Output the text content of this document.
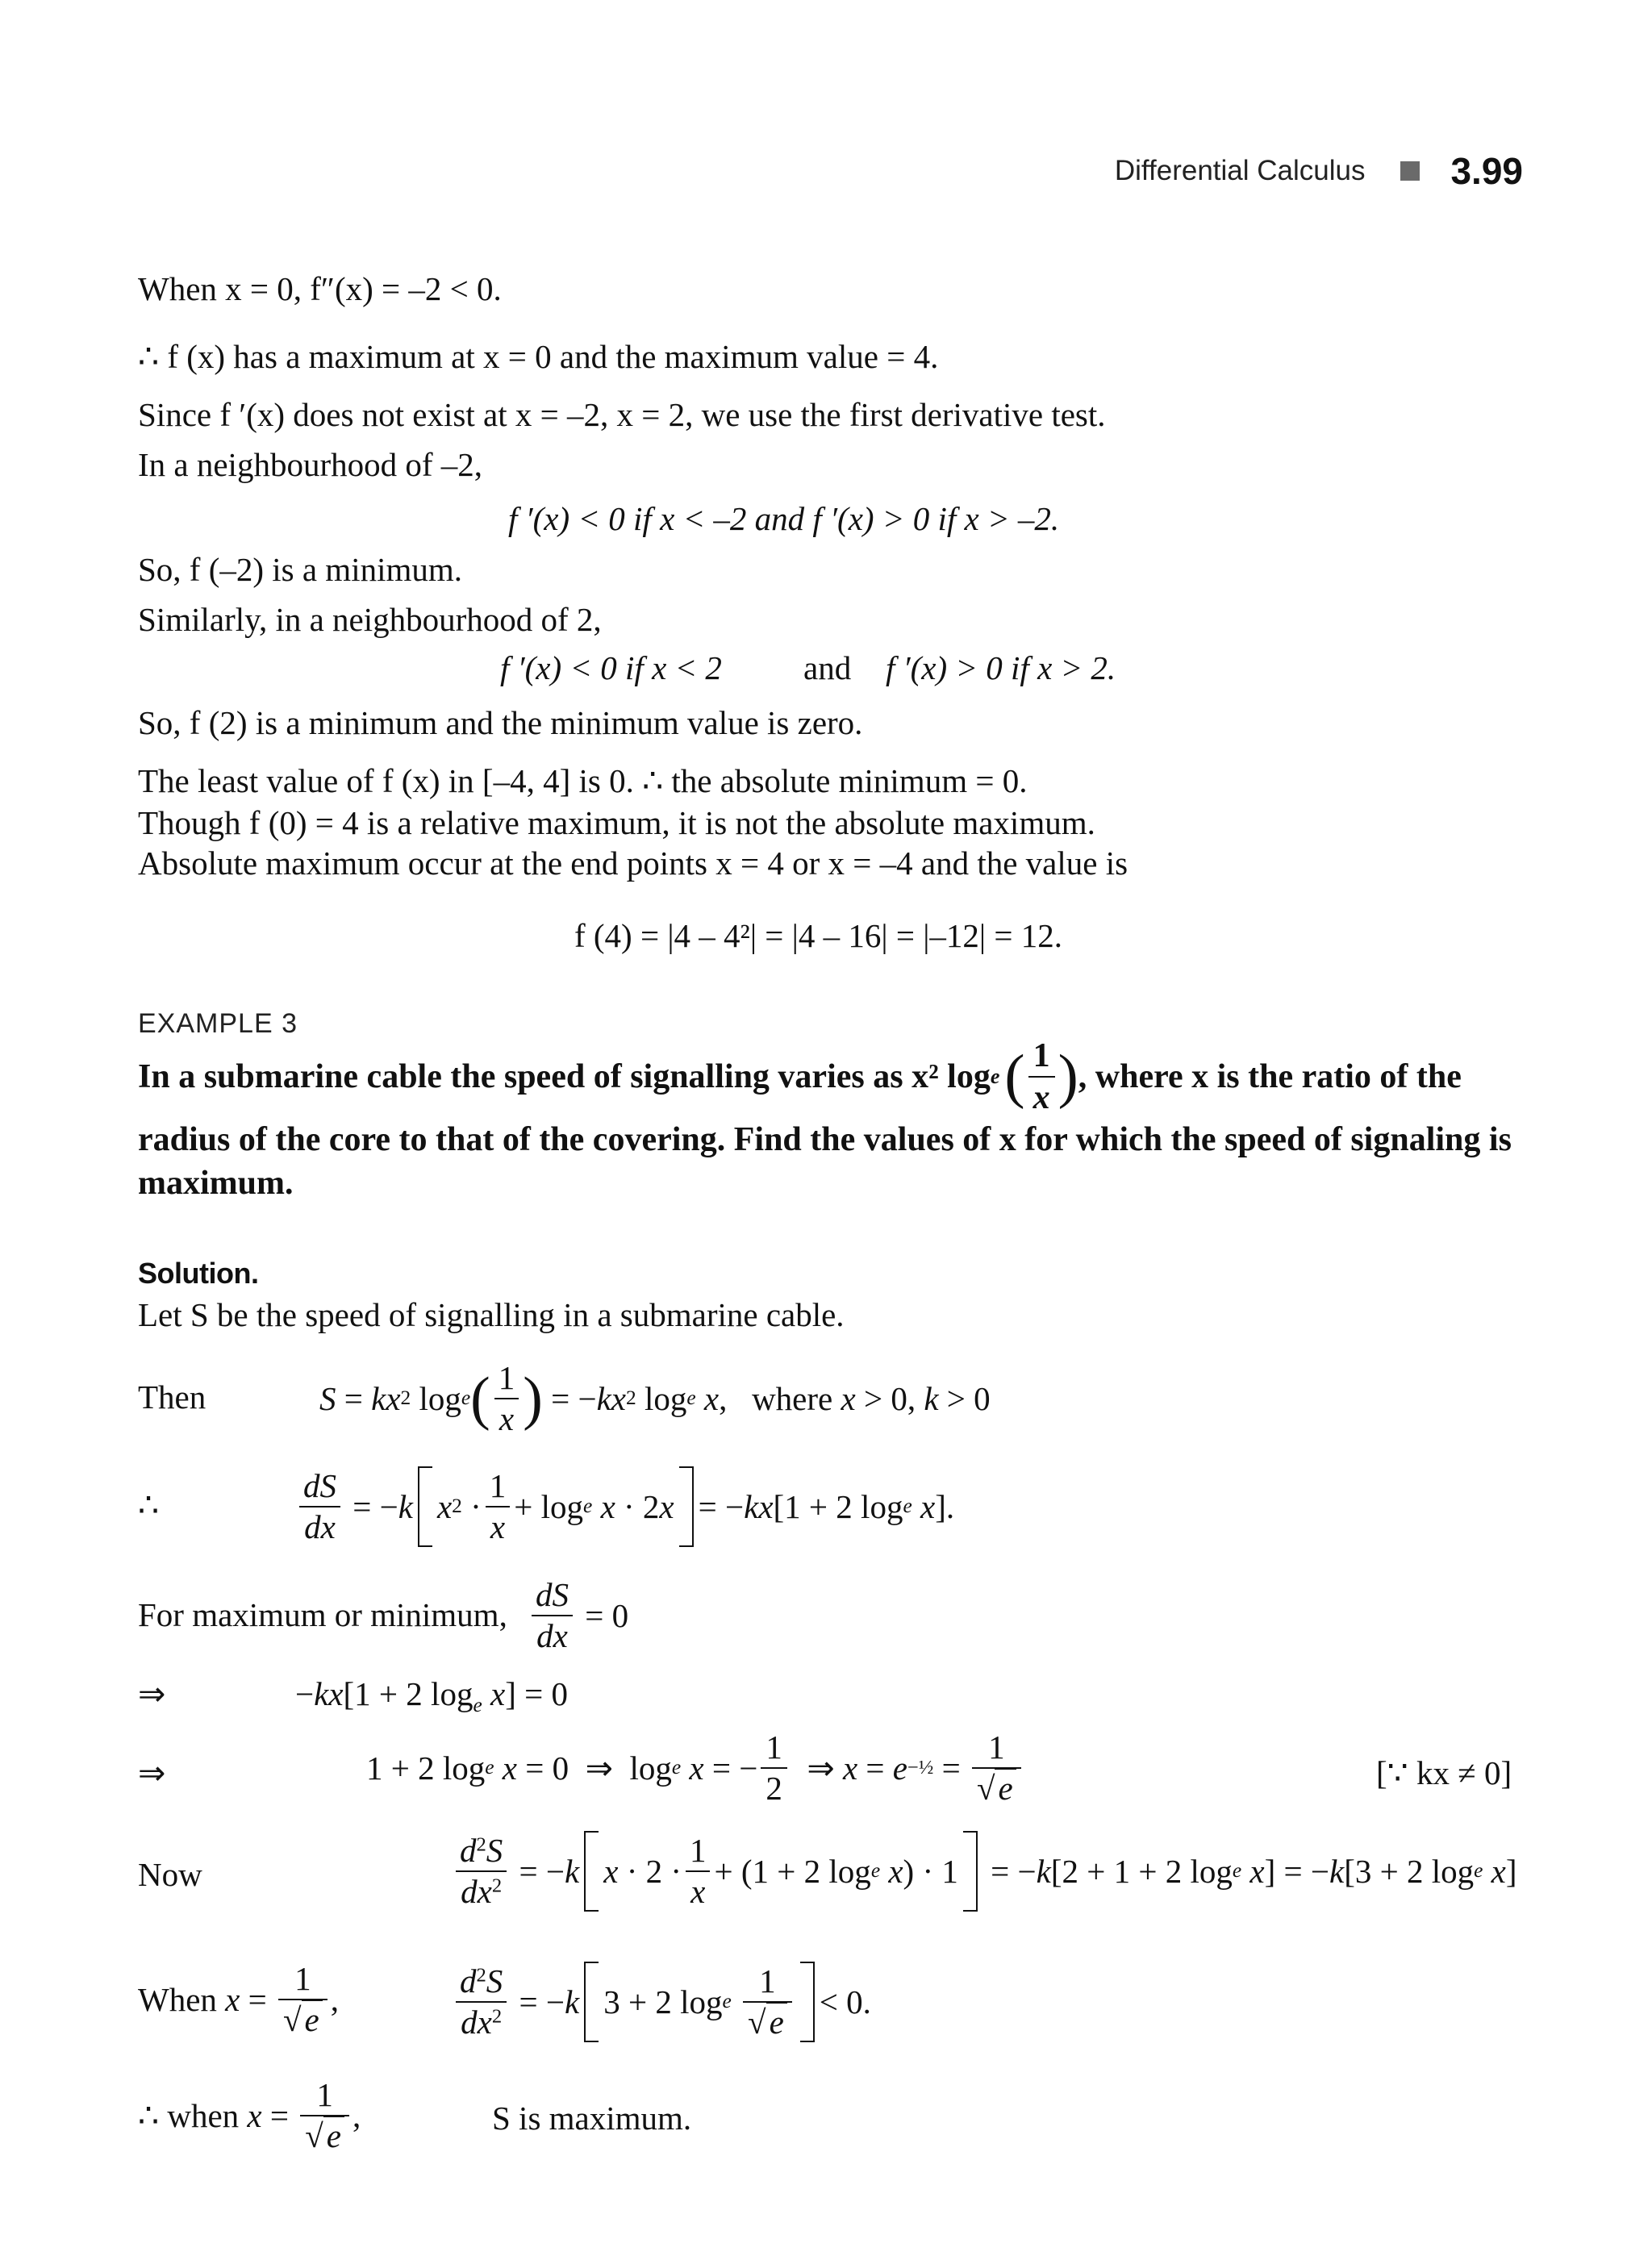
Differential Calculus 3.99
When x = 0, f″(x) = –2 < 0.
∴ f (x) has a maximum at x = 0 and the maximum value = 4.
Since f ′(x) does not exist at x = –2, x = 2, we use the first derivative test.
In a neighbourhood of –2,
f ′(x) < 0 if x < –2 and f ′(x) > 0 if x > –2.
So, f (–2) is a minimum.
Similarly, in a neighbourhood of 2,
f ′(x) < 0 if x < 2 and f ′(x) > 0 if x > 2.
So, f (2) is a minimum and the minimum value is zero.
The least value of f (x) in [–4, 4] is 0. ∴ the absolute minimum = 0.
Though f (0) = 4 is a relative maximum, it is not the absolute maximum.
Absolute maximum occur at the end points x = 4 or x = –4 and the value is
f (4) = |4 – 4²| = |4 – 16| = |–12| = 12.
EXAMPLE 3
In a submarine cable the speed of signalling varies as x² log e ( $\frac{1}{x}$ ) , where x is the ratio of the
radius of the core to that of the covering. Find the values of x for which the speed of signaling is
maximum.
Solution.
Let S be the speed of signalling in a submarine cable.
Then	S = kx 2 log e ( $\frac{1}{x}$ ) = − kx 2 log e
x ,   where x > 0, k > 0
∴	$\frac{dS}{dx}$ = − k x $2 \cdot \frac{1}{x} + \log e$
x · 2 x = − kx [1 + 2 log e
x ].
For maximum or minimum, $\frac{dS}{dx} = 0$
⇒	−kx[1 + 2 $\log_e x] = 0$
⇒	1 + 2 log e
x = 0  ⇒  log e
x = − $\frac{1}{2}$ ⇒ x = e −½ = $\frac{1}{√e}$	[∵ kx ≠ 0]
Now	$\frac{d^2S}{dx^2}$ = − k $x \cdot 2 \cdot \frac{1}{x} + (1 + 2$ log e
x ) · 1
= − k [2 + 1 + 2 log e
x ] = − k [3 + 2 log e
x ]
When
$x = \frac{1}{√e}$ ,	$\frac{d^2S}{dx^2}$ = − k 3 + 2 log e
$\frac{1}{√e} < 0$.
∴ when
$x = \frac{1}{√e}$ ,	S is maximum.
